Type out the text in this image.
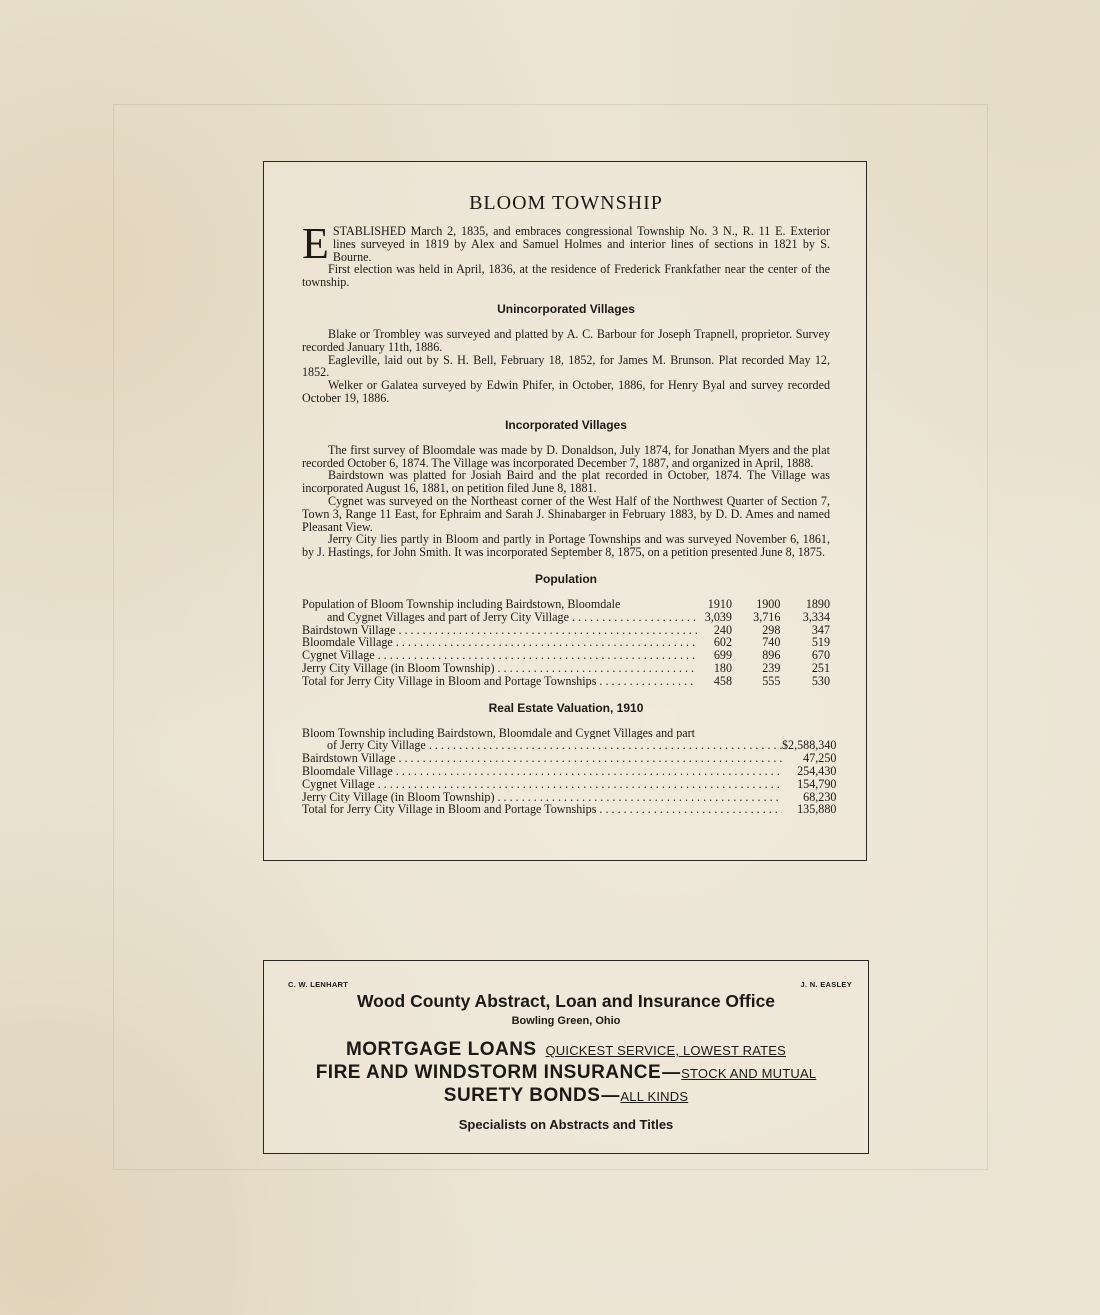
BLOOM TOWNSHIP

ESTABLISHED March 2, 1835, and embraces congressional Township No. 3 N., R. 11 E. Exterior lines surveyed in 1819 by Alex and Samuel Holmes and interior lines of sections in 1821 by S. Bourne.

First election was held in April, 1836, at the residence of Frederick Frankfather near the center of the township.

Unincorporated Villages

Blake or Trombley was surveyed and platted by A. C. Barbour for Joseph Trapnell, proprietor. Survey recorded January 11th, 1886.

Eagleville, laid out by S. H. Bell, February 18, 1852, for James M. Brunson. Plat recorded May 12, 1852.

Welker or Galatea surveyed by Edwin Phifer, in October, 1886, for Henry Byal and survey recorded October 19, 1886.

Incorporated Villages

The first survey of Bloomdale was made by D. Donaldson, July 1874, for Jonathan Myers and the plat recorded October 6, 1874. The Village was incorporated December 7, 1887, and organized in April, 1888.

Bairdstown was platted for Josiah Baird and the plat recorded in October, 1874. The Village was incorporated August 16, 1881, on petition filed June 8, 1881.

Cygnet was surveyed on the Northeast corner of the West Half of the Northwest Quarter of Section 7, Town 3, Range 11 East, for Ephraim and Sarah J. Shinabarger in February 1883, by D. D. Ames and named Pleasant View.

Jerry City lies partly in Bloom and partly in Portage Townships and was surveyed November 6, 1861, by J. Hastings, for John Smith. It was incorporated September 8, 1875, on a petition presented June 8, 1875.

Population
Population of Bloom Township including Bairdstown, Bloomdale	1910	1900	1890
and Cygnet Villages and part of Jerry City Village . . .	3,039	3,716	3,334
Bairdstown Village . . .	240	298	347
Bloomdale Village . . .	602	740	519
Cygnet Village . . .	699	896	670
Jerry City Village (in Bloom Township) . . .	180	239	251
Total for Jerry City Village in Bloom and Portage Townships . . .	458	555	530
Real Estate Valuation, 1910
Bloom Township including Bairdstown, Bloomdale and Cygnet Villages and part		
of Jerry City Village . . .	$	2,588,340
Bairdstown Village . . .		47,250
Bloomdale Village . . .		254,430
Cygnet Village . . .		154,790
Jerry City Village (in Bloom Township) . . .		68,230
Total for Jerry City Village in Bloom and Portage Townships . . .		135,880
C. W. LENHART	J. N. EASLEY
Wood County Abstract, Loan and Insurance Office
Bowling Green, Ohio
MORTGAGE LOANS QUICKEST SERVICE, LOWEST RATES
FIRE AND WINDSTORM INSURANCE—STOCK AND MUTUAL
SURETY BONDS—ALL KINDS
Specialists on Abstracts and Titles
